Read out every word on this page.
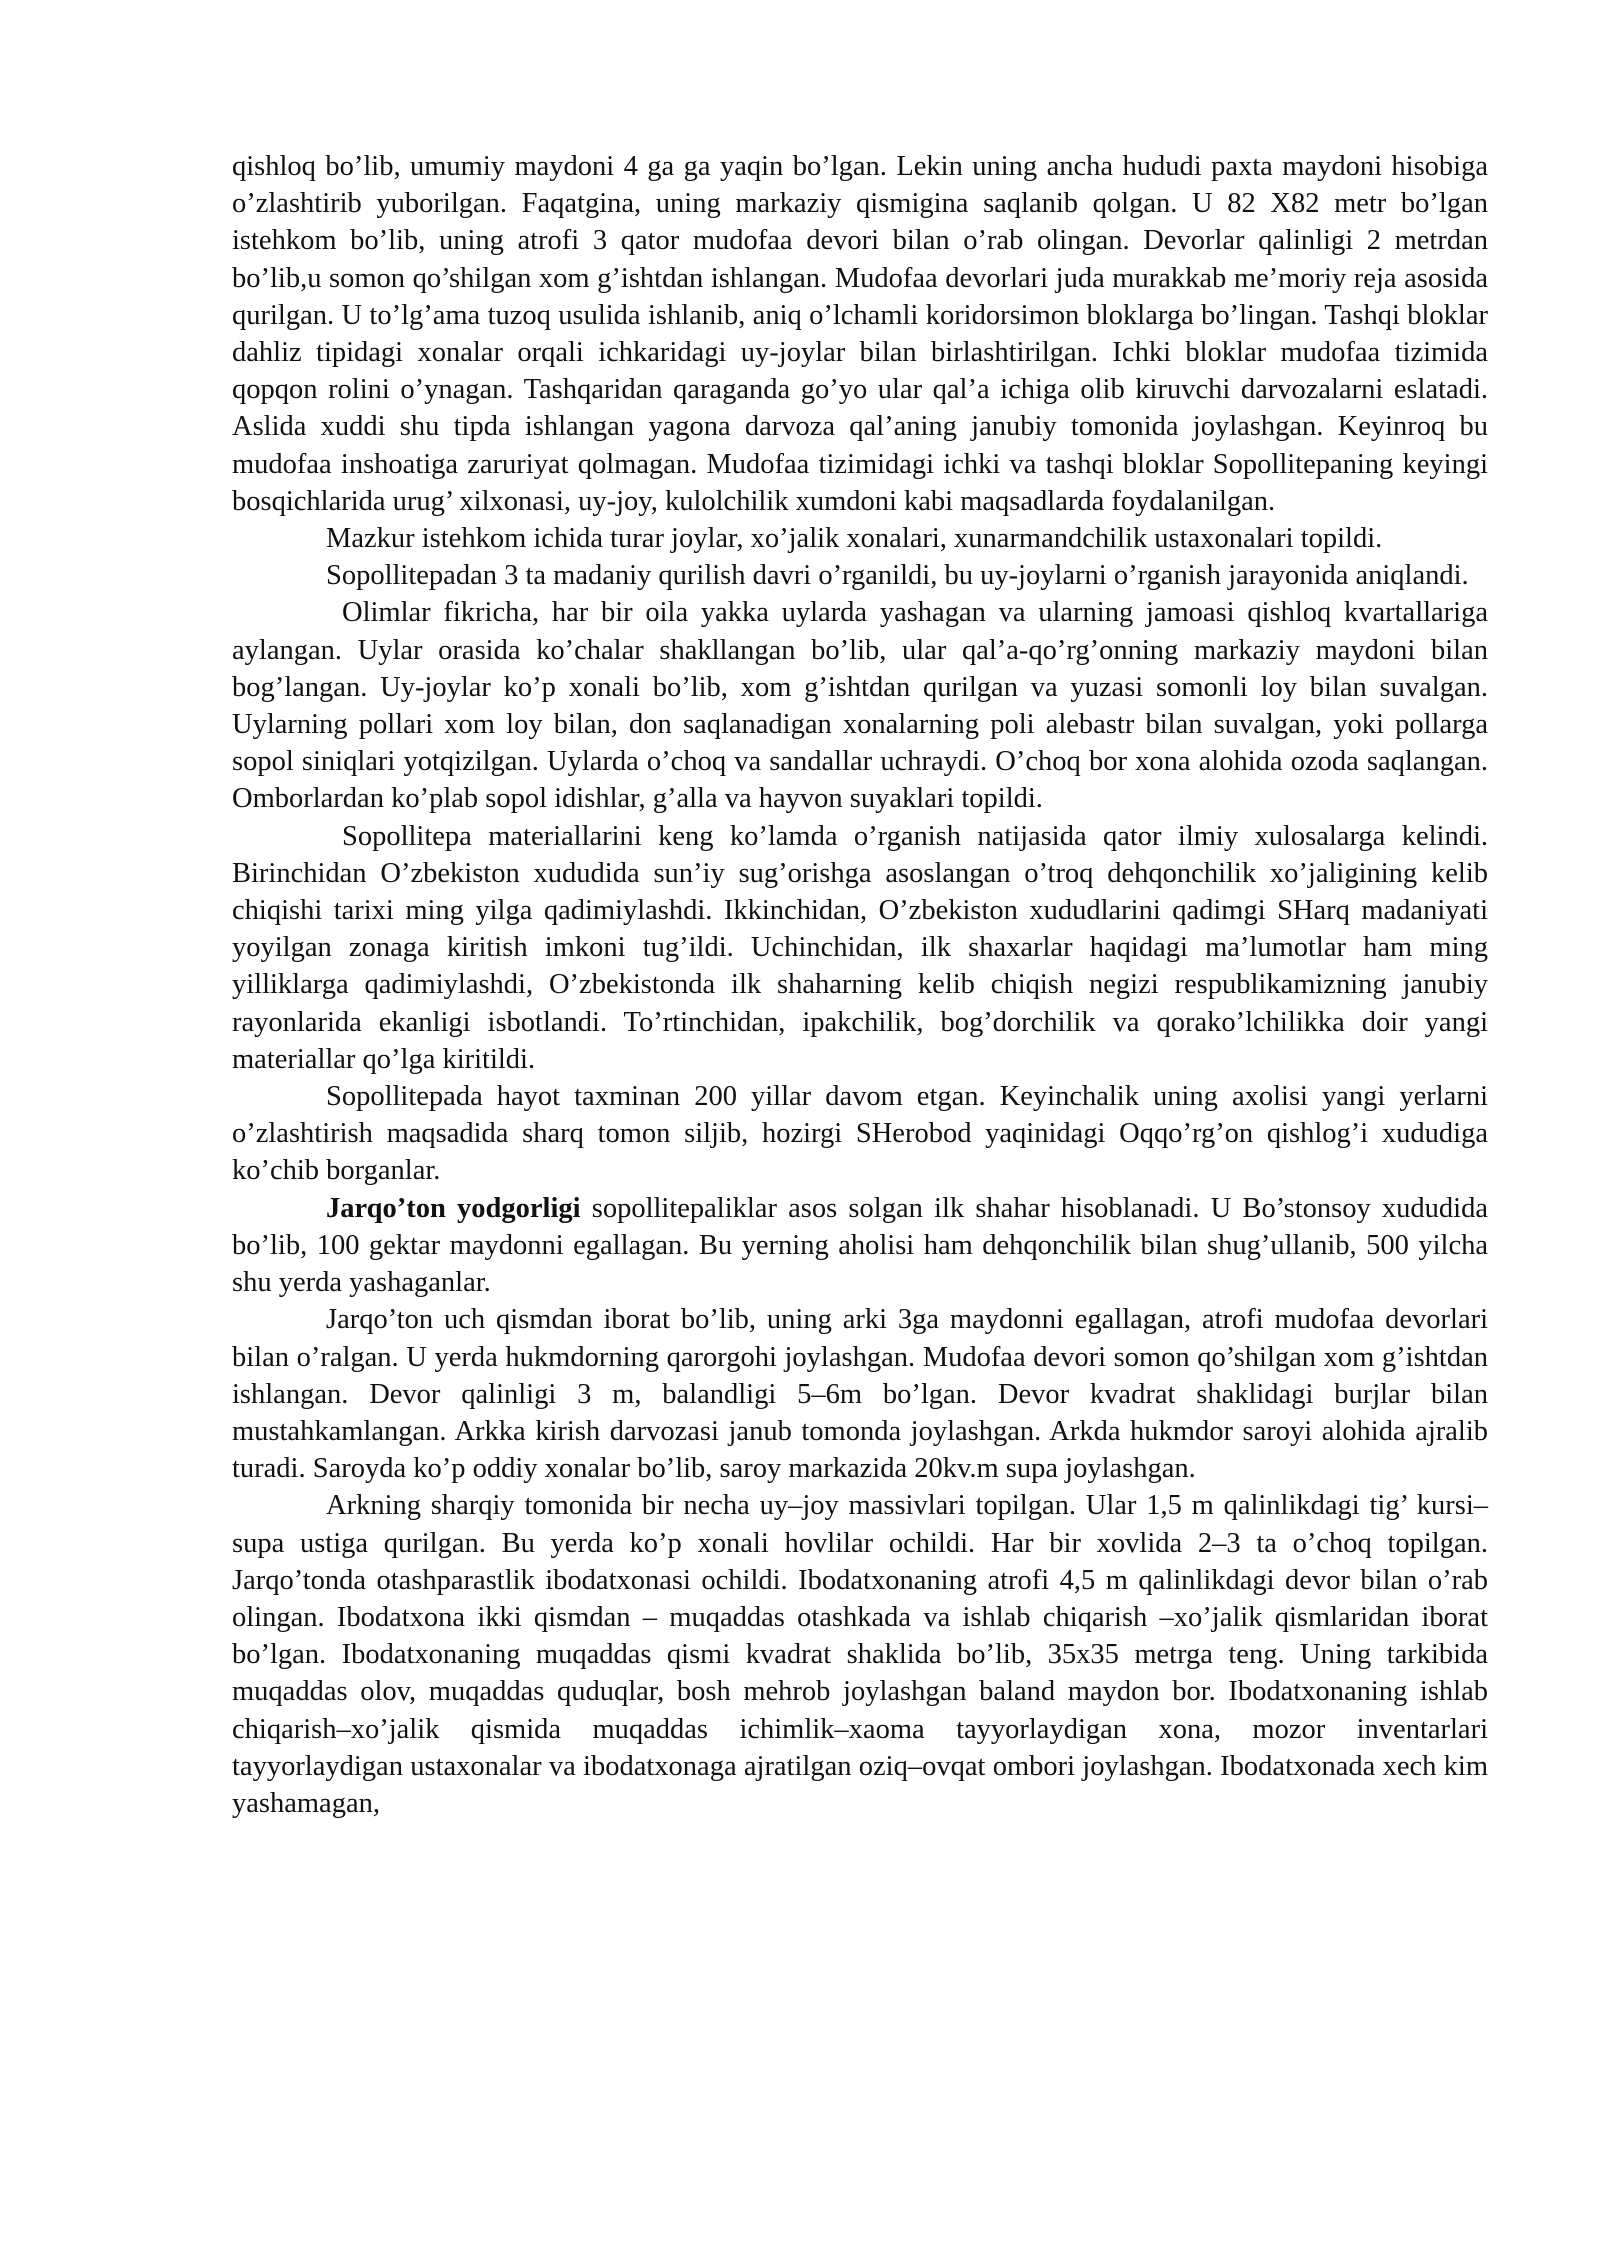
qishloq bo’lib, umumiy maydoni 4 ga ga yaqin bo’lgan. Lekin uning ancha hududi paxta maydoni hisobiga o’zlashtirib yuborilgan. Faqatgina, uning markaziy qismigina saqlanib qolgan. U 82 X82 metr bo’lgan istehkom bo’lib, uning atrofi 3 qator mudofaa devori bilan o’rab olingan. Devorlar qalinligi 2 metrdan bo’lib,u somon qo’shilgan xom g’ishtdan ishlangan. Mudofaa devorlari juda murakkab me’moriy reja asosida qurilgan. U to’lg’ama tuzoq usulida ishlanib, aniq o’lchamli koridorsimon bloklarga bo’lingan. Tashqi bloklar dahliz tipidagi xonalar orqali ichkaridagi uy-joylar bilan birlashtirilgan. Ichki bloklar mudofaa tizimida qopqon rolini o’ynagan. Tashqaridan qaraganda go’yo ular qal’a ichiga olib kiruvchi darvozalarni eslatadi. Aslida xuddi shu tipda ishlangan yagona darvoza qal’aning janubiy tomonida joylashgan. Keyinroq bu mudofaa inshoatiga zaruriyat qolmagan. Mudofaa tizimidagi ichki va tashqi bloklar Sopollitepaning keyingi bosqichlarida urug’ xilxonasi, uy-joy, kulolchilik xumdoni kabi maqsadlarda foydalanilgan.

Mazkur istehkom ichida turar joylar, xo’jalik xonalari, xunarmandchilik ustaxonalari topildi.

Sopollitepadan 3 ta madaniy qurilish davri o’rganildi, bu uy-joylarni o’rganish jarayonida aniqlandi.

Olimlar fikricha, har bir oila yakka uylarda yashagan va ularning jamoasi qishloq kvartallariga aylangan. Uylar orasida ko’chalar shakllangan bo’lib, ular qal’a-qo’rg’onning markaziy maydoni bilan bog’langan. Uy-joylar ko’p xonali bo’lib, xom g’ishtdan qurilgan va yuzasi somonli loy bilan suvalgan. Uylarning pollari xom loy bilan, don saqlanadigan xonalarning poli alebastr bilan suvalgan, yoki pollarga sopol siniqlari yotqizilgan. Uylarda o’choq va sandallar uchraydi. O’choq bor xona alohida ozoda saqlangan. Omborlardan ko’plab sopol idishlar, g’alla va hayvon suyaklari topildi.

Sopollitepa materiallarini keng ko’lamda o’rganish natijasida qator ilmiy xulosalarga kelindi. Birinchidan O’zbekiston xududida sun’iy sug’orishga asoslangan o’troq dehqonchilik xo’jaligining kelib chiqishi tarixi ming yilga qadimiylashdi. Ikkinchidan, O’zbekiston xududlarini qadimgi SHarq madaniyati yoyilgan zonaga kiritish imkoni tug’ildi. Uchinchidan, ilk shaxarlar haqidagi ma’lumotlar ham ming yilliklarga qadimiylashdi, O’zbekistonda ilk shaharning kelib chiqish negizi respublikamizning janubiy rayonlarida ekanligi isbotlandi. To’rtinchidan, ipakchilik, bog’dorchilik va qorako’lchilikka doir yangi materiallar qo’lga kiritildi.

Sopollitepada hayot taxminan 200 yillar davom etgan. Keyinchalik uning axolisi yangi yerlarni o’zlashtirish maqsadida sharq tomon siljib, hozirgi SHerobod yaqinidagi Oqqo’rg’on qishlog’i xududiga ko’chib borganlar.

Jarqo’ton yodgorligi sopollitepaliklar asos solgan ilk shahar hisoblanadi. U Bo’stonsoy xududida bo’lib, 100 gektar maydonni egallagan. Bu yerning aholisi ham dehqonchilik bilan shug’ullanib, 500 yilcha shu yerda yashaganlar.

Jarqo’ton uch qismdan iborat bo’lib, uning arki 3ga maydonni egallagan, atrofi mudofaa devorlari bilan o’ralgan. U yerda hukmdorning qarorgohi joylashgan. Mudofaa devori somon qo’shilgan xom g’ishtdan ishlangan. Devor qalinligi 3 m, balandligi 5–6m bo’lgan. Devor kvadrat shaklidagi burjlar bilan mustahkamlangan. Arkka kirish darvozasi janub tomonda joylashgan. Arkda hukmdor saroyi alohida ajralib turadi. Saroyda ko’p oddiy xonalar bo’lib, saroy markazida 20kv.m supa joylashgan.

Arkning sharqiy tomonida bir necha uy–joy massivlari topilgan. Ular 1,5 m qalinlikdagi tig’ kursi–supa ustiga qurilgan. Bu yerda ko’p xonali hovlilar ochildi. Har bir xovlida 2–3 ta o’choq topilgan. Jarqo’tonda otashparastlik ibodatxonasi ochildi. Ibodatxonaning atrofi 4,5 m qalinlikdagi devor bilan o’rab olingan. Ibodatxona ikki qismdan – muqaddas otashkada va ishlab chiqarish –xo’jalik qismlaridan iborat bo’lgan. Ibodatxonaning muqaddas qismi kvadrat shaklida bo’lib, 35x35 metrga teng. Uning tarkibida muqaddas olov, muqaddas quduqlar, bosh mehrob joylashgan baland maydon bor. Ibodatxonaning ishlab chiqarish–xo’jalik qismida muqaddas ichimlik–xaoma tayyorlaydigan xona, mozor inventarlari tayyorlaydigan ustaxonalar va ibodatxonaga ajratilgan oziq–ovqat ombori joylashgan. Ibodatxonada xech kim yashamagan,
